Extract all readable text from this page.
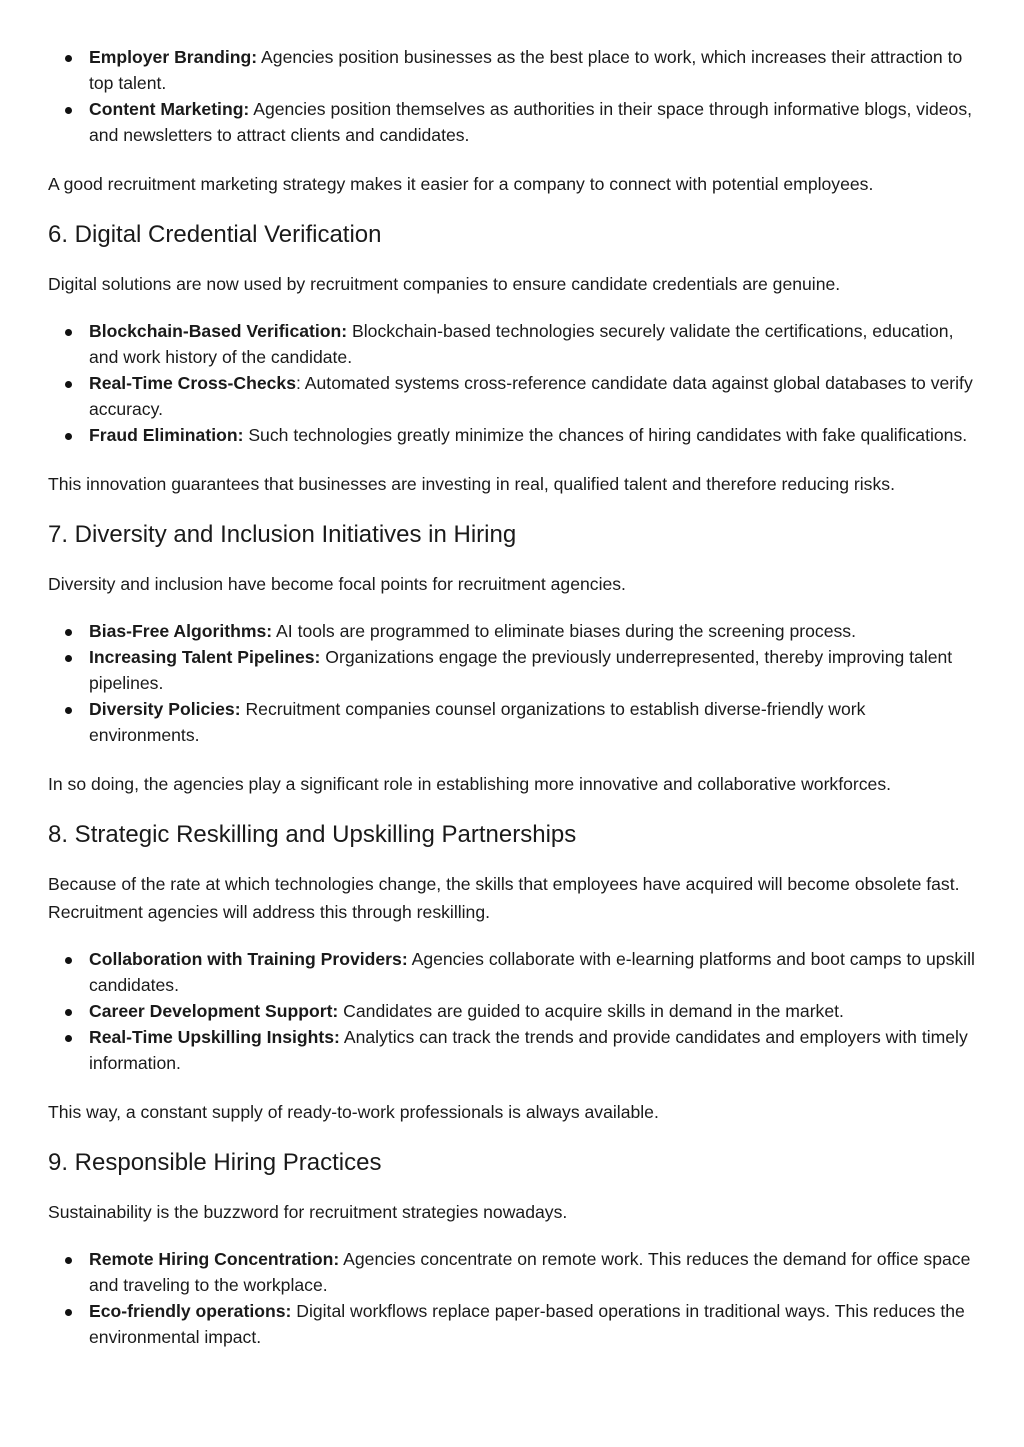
Employer Branding: Agencies position businesses as the best place to work, which increases their attraction to top talent.
Content Marketing: Agencies position themselves as authorities in their space through informative blogs, videos, and newsletters to attract clients and candidates.

A good recruitment marketing strategy makes it easier for a company to connect with potential employees.

6. Digital Credential Verification

Digital solutions are now used by recruitment companies to ensure candidate credentials are genuine.

Blockchain-Based Verification: Blockchain-based technologies securely validate the certifications, education, and work history of the candidate.
Real-Time Cross-Checks: Automated systems cross-reference candidate data against global databases to verify accuracy.
Fraud Elimination: Such technologies greatly minimize the chances of hiring candidates with fake qualifications.

This innovation guarantees that businesses are investing in real, qualified talent and therefore reducing risks.

7. Diversity and Inclusion Initiatives in Hiring

Diversity and inclusion have become focal points for recruitment agencies.

Bias-Free Algorithms: AI tools are programmed to eliminate biases during the screening process.
Increasing Talent Pipelines: Organizations engage the previously underrepresented, thereby improving talent pipelines.
Diversity Policies: Recruitment companies counsel organizations to establish diverse-friendly work environments.

In so doing, the agencies play a significant role in establishing more innovative and collaborative workforces.

8. Strategic Reskilling and Upskilling Partnerships

Because of the rate at which technologies change, the skills that employees have acquired will become obsolete fast. Recruitment agencies will address this through reskilling.

Collaboration with Training Providers: Agencies collaborate with e-learning platforms and boot camps to upskill candidates.
Career Development Support: Candidates are guided to acquire skills in demand in the market.
Real-Time Upskilling Insights: Analytics can track the trends and provide candidates and employers with timely information.

This way, a constant supply of ready-to-work professionals is always available.

9. Responsible Hiring Practices

Sustainability is the buzzword for recruitment strategies nowadays.

Remote Hiring Concentration: Agencies concentrate on remote work. This reduces the demand for office space and traveling to the workplace.
Eco-friendly operations: Digital workflows replace paper-based operations in traditional ways. This reduces the environmental impact.
